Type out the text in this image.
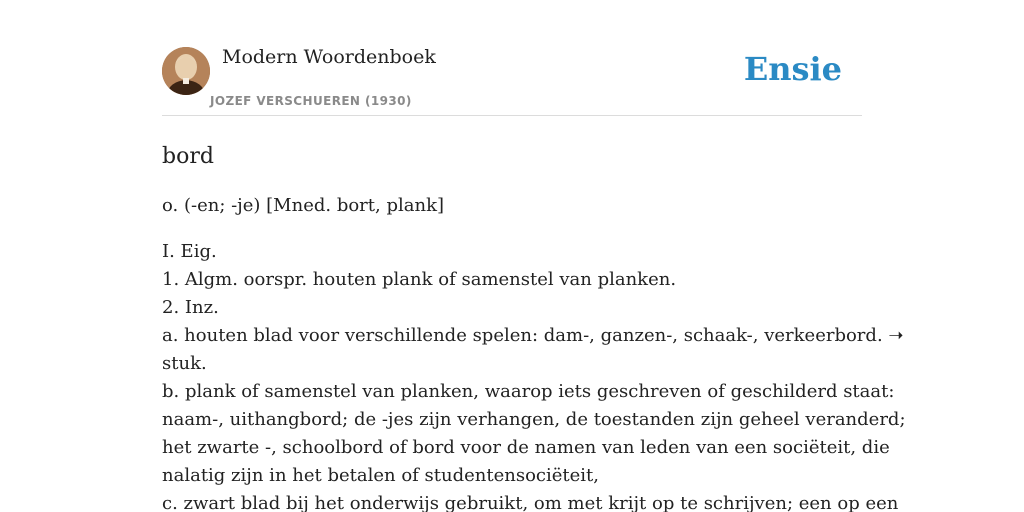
Modern Woordenboek
JOZEF VERSCHUEREN (1930)
Ensie
bord
o. (-en; -je) [Mned. bort, plank]
I. Eig.
1. Algm. oorspr. houten plank of samenstel van planken.
2. Inz.
a. houten blad voor verschillende spelen: dam-, ganzen-, schaak-, verkeerbord. ➝
stuk.
b. plank of samenstel van planken, waarop iets geschreven of geschilderd staat:
naam-, uithangbord; de -jes zijn verhangen, de toestanden zijn geheel veranderd;
het zwarte -, schoolbord of bord voor de namen van leden van een sociëteit, die
nalatig zijn in het betalen of studentensociëteit,
c. zwart blad bij het onderwijs gebruikt, om met krijt op te schrijven; een op een
